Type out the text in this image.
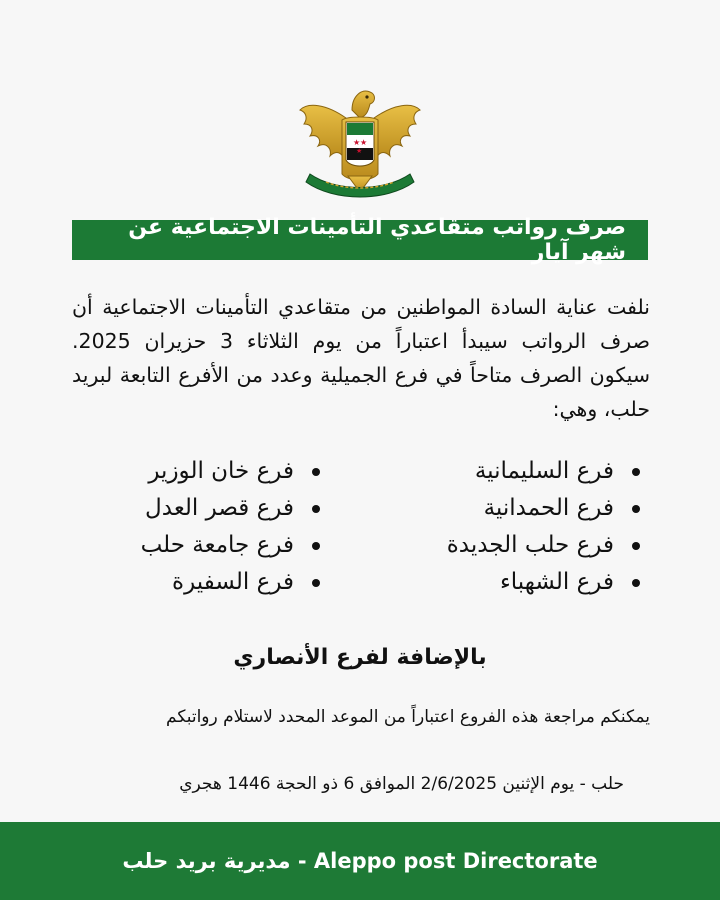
★ ★
★
صرف رواتب متقاعدي التأمينات الاجتماعية عن شهر آيار

نلفت عناية السادة المواطنين من متقاعدي التأمينات الاجتماعية أن صرف الرواتب سيبدأ اعتباراً من يوم الثلاثاء 3 حزيران 2025. سيكون الصرف متاحاً في فرع الجميلية وعدد من الأفرع التابعة لبريد حلب، وهي:

فرع السليمانية
فرع الحمدانية
فرع حلب الجديدة
فرع الشهباء
فرع خان الوزير
فرع قصر العدل
فرع جامعة حلب
فرع السفيرة
بالإضافة لفرع الأنصاري

يمكنكم مراجعة هذه الفروع اعتباراً من الموعد المحدد لاستلام رواتبكم

حلب - يوم الإثنين 2/6/2025 الموافق 6 ذو الحجة 1446 هجري

مديرية بريد حلب - Aleppo post Directorate
